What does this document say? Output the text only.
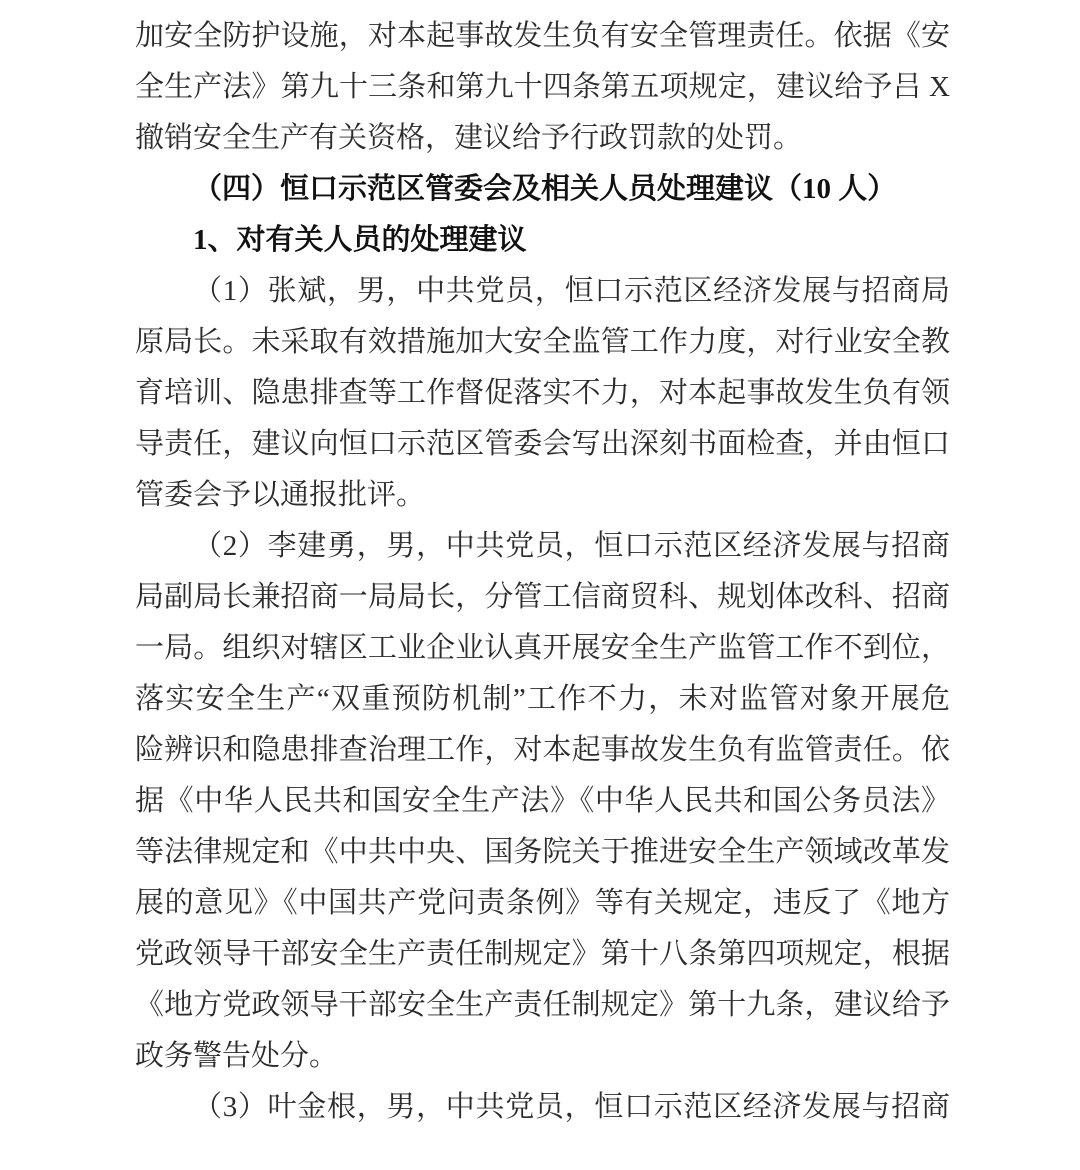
加安全防护设施，对本起事故发生负有安全管理责任。依据《安
全生产法》第九十三条和第九十四条第五项规定，建议给予吕 X
撤销安全生产有关资格，建议给予行政罚款的处罚。
（四）恒口示范区管委会及相关人员处理建议（10 人）
1、对有关人员的处理建议
（1）张斌，男，中共党员，恒口示范区经济发展与招商局
原局长。未采取有效措施加大安全监管工作力度，对行业安全教
育培训、隐患排查等工作督促落实不力，对本起事故发生负有领
导责任，建议向恒口示范区管委会写出深刻书面检查，并由恒口
管委会予以通报批评。
（2）李建勇，男，中共党员，恒口示范区经济发展与招商
局副局长兼招商一局局长，分管工信商贸科、规划体改科、招商
一局。组织对辖区工业企业认真开展安全生产监管工作不到位，
落实安全生产“双重预防机制”工作不力，未对监管对象开展危
险辨识和隐患排查治理工作，对本起事故发生负有监管责任。依
据《中华人民共和国安全生产法》《中华人民共和国公务员法》
等法律规定和《中共中央、国务院关于推进安全生产领域改革发
展的意见》《中国共产党问责条例》等有关规定，违反了《地方
党政领导干部安全生产责任制规定》第十八条第四项规定，根据
《地方党政领导干部安全生产责任制规定》第十九条，建议给予
政务警告处分。
（3）叶金根，男，中共党员，恒口示范区经济发展与招商
